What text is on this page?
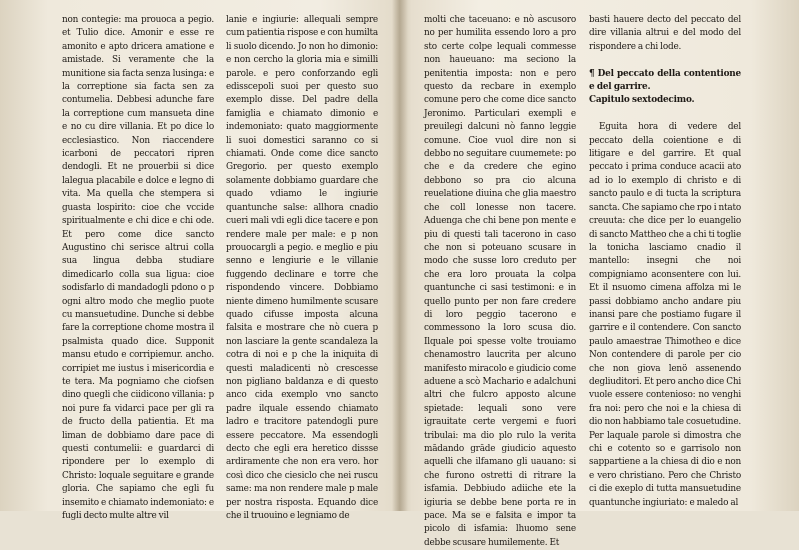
non contegie: ma prouoca a pegio. et Tulio dice. Amonir e esse re amonito e apto dricera amatione e amistade. Si veramente che la munitione sia facta senza lusinga: e la correptione sia facta sen za contumelia. Debbesi adunche fare la correptione cum mansueta dine e no cu dire villania. Et po dice lo ecclesiastico. Non riaccendere icarboni de peccatori ripren dendogli. Et ne prouerbii si dice lalegua placabile e dolce e legno di vita. Ma quella che stempera si guasta lospirito: cioe che vccide spiritualmente e chi dice e chi ode. Et pero come dice sancto Augustino chi serisce altrui colla sua lingua debba studiare dimedicarlo colla sua ligua: cioe sodisfarlo di mandadogli pdono o p ogni altro modo che meglio puote cu mansuetudine. Dunche si debbe fare la correptione chome mostra il psalmista quado dice. Supponit mansu etudo e corripiemur. ancho. corripiet me iustus i misericordia e te tera. Ma pogniamo che ciofsen dino quegli che ciidicono villania: p noi pure fa vidarci pace per gli ra de fructo della patientia. Et ma liman de dobbiamo dare pace di questi contumelii: e guardarci di ripondere per lo exemplo di Christo: loquale seguitare e grande gloria. Che sapiamo che egli fu insemito e chiamato indemoniato: e fugli decto multe altre vil
lanie e ingiurie: allequali sempre cum patientia rispose e con humilta li suolo dicendo. Jo non ho dimonio: e non cercho la gloria mia e similli parole. e pero conforzando egli edisscepoli suoi per questo suo exemplo disse. Del padre della famiglia e chiamato dimonio e indemoniato: quato maggiormente li suoi domestici saranno co si chiamati. Onde come dice sancto Gregorio. per questo exemplo solamente dobbiamo guardare che quado vdiamo le ingiurie quantunche salse: allhora cnadio cueri mali vdi egli dice tacere e pon rendere male per male: e p non prouocargli a pegio. e meglio e piu senno e lengiurie e le villanie fuggendo declinare e torre che rispondendo vincere. Dobbiamo niente dimeno humilmente scusare quado cifusse imposta alcuna falsita e mostrare che nò cuera p non lasciare la gente scandaleza la cotra di noi e p che la iniquita di questi maladicenti nò crescesse non pigliano baldanza e di questo anco cida exemplo vno sancto padre ilquale essendo chiamato ladro e tracitore patendogli pure essere peccatore. Ma essendogli decto che egli era heretico dissse ardiramente che non era vero. hor così dico che ciesiclo che nei ruscu same: ma non rendere male p male per nostra risposta. Equando dice che il truouino e legniamo de
molti che taceuano: e nò ascusoro no per humilita essendo loro a pro sto certe colpe lequali commesse non haueuano: ma seciono la penitentia imposta: non e pero questo da recbare in exemplo comune pero che come dice sancto Jeronimo. Particulari exempli e preuilegi dalcuni nò fanno leggie comune. Cioe vuol dire non si debbo no seguitare cuumemete: po che e da credere che egino debbono so pra cio alcuna reuelatione diuina che glia maestro che coll lonesse non tacere. Aduenga che chi bene pon mente e piu di questi tali tacerono in caso che non si poteuano scusare in modo che susse loro creduto per che era loro prouata la colpa quantunche ci sasi testimoni: e in quello punto per non fare credere di loro peggio tacerono e commessono la loro scusa dio. Ilquale poi spesse volte trouiamo chenamostro laucrita per alcuno manifesto miracolo e giudicio come aduene a scò Machario e adalchuni altri che fulcro apposto alcune spietade: lequali sono vere igrauitate certe vergemi e fuori tribulai: ma dio plo rulo la verita mādando grāde giudicio aquesto aquelli che ilfamano gli uauano: si che furono ostretti di ritrare la isfamia. Debbiudo adiiche ete la igiuria se debbe bene porta re in pace. Ma se e falsita e impor ta picolo di isfamia: lhuomo sene debbe scusare humilemente. Et
basti hauere decto del peccato del dire villania altrui e del modo del rispondere a chi lode.

¶ Del peccato della contentione e del garrire.
Capitulo sextodecimo.

Eguita hora di vedere del peccato della coientione e di litigare e del garrire. Et qual peccato i prima conduce acacii ato ad io lo exemplo di christo e di sancto paulo e di tucta la scriptura sancta. Che sapiamo che rpo i ntato creuuta: che dice per lo euangelio di sancto Mattheo che a chi ti toglie la tonicha lasciamo cnadio il mantello: insegni che noi compigniamo aconsentere con lui. Et il nsuomo cimena affolza mi le passi dobbiamo ancho andare piu inansi pare che postiamo fugare il garrire e il contendere. Con sancto paulo amaestrae Thimotheo e dice Non contendere di parole per cio che non giova lenö assenendo degliuditori. Et pero ancho dice Chi vuole essere contenioso: no venghi fra noi: pero che noi e la chiesa di dio non habbiamo tale cosuetudine. Per laquale parole si dimostra che chi e cotento so e garrisolo non sappartiene a la chiesa di dio e non e vero christiano. Pero che Christo ci die exeplo di tutta mansuetudine quantunche ingiuriato: e maledo al
